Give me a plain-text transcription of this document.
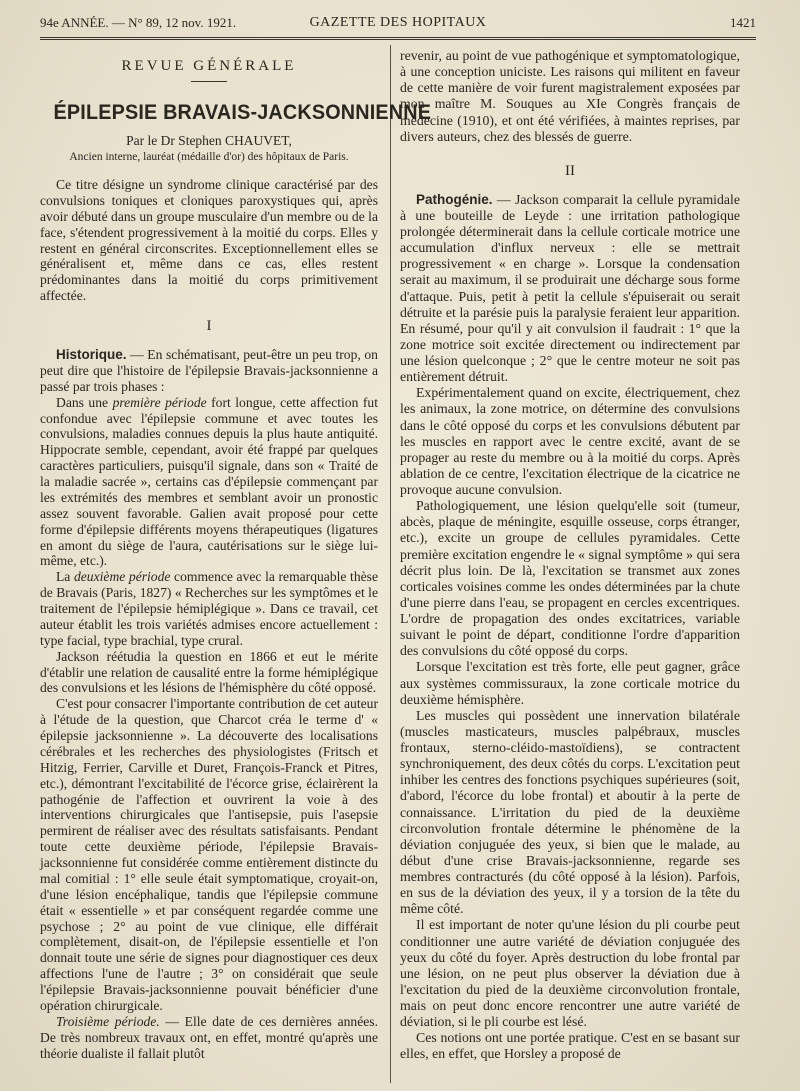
94e ANNÉE. — N° 89, 12 nov. 1921.	GAZETTE DES HOPITAUX	1421
REVUE GÉNÉRALE
ÉPILEPSIE BRAVAIS-JACKSONNIENNE
Par le Dr Stephen CHAUVET,
Ancien interne, lauréat (médaille d'or) des hôpitaux de Paris.

Ce titre désigne un syndrome clinique caractérisé par des convulsions toniques et cloniques paroxystiques qui, après avoir débuté dans un groupe musculaire d'un membre ou de la face, s'étendent progressivement à la moitié du corps. Elles y restent en général circonscrites. Exceptionnellement elles se généralisent et, même dans ce cas, elles restent prédominantes dans la moitié du corps primitivement affectée.

I

Historique. — En schématisant, peut-être un peu trop, on peut dire que l'histoire de l'épilepsie Bravais-jacksonnienne a passé par trois phases :

Dans une première période fort longue, cette affection fut confondue avec l'épilepsie commune et avec toutes les convulsions, maladies connues depuis la plus haute antiquité. Hippocrate semble, cependant, avoir été frappé par quelques caractères particuliers, puisqu'il signale, dans son « Traité de la maladie sacrée », certains cas d'épilepsie commençant par les extrémités des membres et semblant avoir un pronostic assez souvent favorable. Galien avait proposé pour cette forme d'épilepsie différents moyens thérapeutiques (ligatures en amont du siège de l'aura, cautérisations sur le siège lui-même, etc.).

La deuxième période commence avec la remarquable thèse de Bravais (Paris, 1827) « Recherches sur les symptômes et le traitement de l'épilepsie hémiplégique ». Dans ce travail, cet auteur établit les trois variétés admises encore actuellement : type facial, type brachial, type crural.

Jackson réétudia la question en 1866 et eut le mérite d'établir une relation de causalité entre la forme hémiplégique des convulsions et les lésions de l'hémisphère du côté opposé.

C'est pour consacrer l'importante contribution de cet auteur à l'étude de la question, que Charcot créa le terme d' « épilepsie jacksonnienne ». La découverte des localisations cérébrales et les recherches des physiologistes (Fritsch et Hitzig, Ferrier, Carville et Duret, François-Franck et Pitres, etc.), démontrant l'excitabilité de l'écorce grise, éclairèrent la pathogénie de l'affection et ouvrirent la voie à des interventions chirurgicales que l'antisepsie, puis l'asepsie permirent de réaliser avec des résultats satisfaisants. Pendant toute cette deuxième période, l'épilepsie Bravais-jacksonnienne fut considérée comme entièrement distincte du mal comitial : 1° elle seule était symptomatique, croyait-on, d'une lésion encéphalique, tandis que l'épilepsie commune était « essentielle » et par conséquent regardée comme une psychose ; 2° au point de vue clinique, elle différait complètement, disait-on, de l'épilepsie essentielle et l'on donnait toute une série de signes pour diagnostiquer ces deux affections l'une de l'autre ; 3° on considérait que seule l'épilepsie Bravais-jacksonnienne pouvait bénéficier d'une opération chirurgicale.

Troisième période. — Elle date de ces dernières années. De très nombreux travaux ont, en effet, montré qu'après une théorie dualiste il fallait plutôt

revenir, au point de vue pathogénique et symptomatologique, à une conception uniciste. Les raisons qui militent en faveur de cette manière de voir furent magistralement exposées par mon maître M. Souques au XIe Congrès français de médecine (1910), et ont été vérifiées, à maintes reprises, par divers auteurs, chez des blessés de guerre.

II

Pathogénie. — Jackson comparait la cellule pyramidale à une bouteille de Leyde : une irritation pathologique prolongée déterminerait dans la cellule corticale motrice une accumulation d'influx nerveux : elle se mettrait progressivement « en charge ». Lorsque la condensation serait au maximum, il se produirait une décharge sous forme d'attaque. Puis, petit à petit la cellule s'épuiserait ou serait détruite et la parésie puis la paralysie feraient leur apparition. En résumé, pour qu'il y ait convulsion il faudrait : 1° que la zone motrice soit excitée directement ou indirectement par une lésion quelconque ; 2° que le centre moteur ne soit pas entièrement détruit.

Expérimentalement quand on excite, électriquement, chez les animaux, la zone motrice, on détermine des convulsions dans le côté opposé du corps et les convulsions débutent par les muscles en rapport avec le centre excité, avant de se propager au reste du membre ou à la moitié du corps. Après ablation de ce centre, l'excitation électrique de la cicatrice ne provoque aucune convulsion.

Pathologiquement, une lésion quelqu'elle soit (tumeur, abcès, plaque de méningite, esquille osseuse, corps étranger, etc.), excite un groupe de cellules pyramidales. Cette première excitation engendre le « signal symptôme » qui sera décrit plus loin. De là, l'excitation se transmet aux zones corticales voisines comme les ondes déterminées par la chute d'une pierre dans l'eau, se propagent en cercles excentriques. L'ordre de propagation des ondes excitatrices, variable suivant le point de départ, conditionne l'ordre d'apparition des convulsions du côté opposé du corps.

Lorsque l'excitation est très forte, elle peut gagner, grâce aux systèmes commissuraux, la zone corticale motrice du deuxième hémisphère.

Les muscles qui possèdent une innervation bilatérale (muscles masticateurs, muscles palpébraux, muscles frontaux, sterno-cléido-mastoïdiens), se contractent synchroniquement, des deux côtés du corps. L'excitation peut inhiber les centres des fonctions psychiques supérieures (soit, d'abord, l'écorce du lobe frontal) et aboutir à la perte de connaissance. L'irritation du pied de la deuxième circonvolution frontale détermine le phénomène de la déviation conjuguée des yeux, si bien que le malade, au début d'une crise Bravais-jacksonnienne, regarde ses membres contracturés (du côté opposé à la lésion). Parfois, en sus de la déviation des yeux, il y a torsion de la tête du même côté.

Il est important de noter qu'une lésion du pli courbe peut conditionner une autre variété de déviation conjuguée des yeux du côté du foyer. Après destruction du lobe frontal par une lésion, on ne peut plus observer la déviation due à l'excitation du pied de la deuxième circonvolution frontale, mais on peut donc encore rencontrer une autre variété de déviation, si le pli courbe est lésé.

Ces notions ont une portée pratique. C'est en se basant sur elles, en effet, que Horsley a proposé de
